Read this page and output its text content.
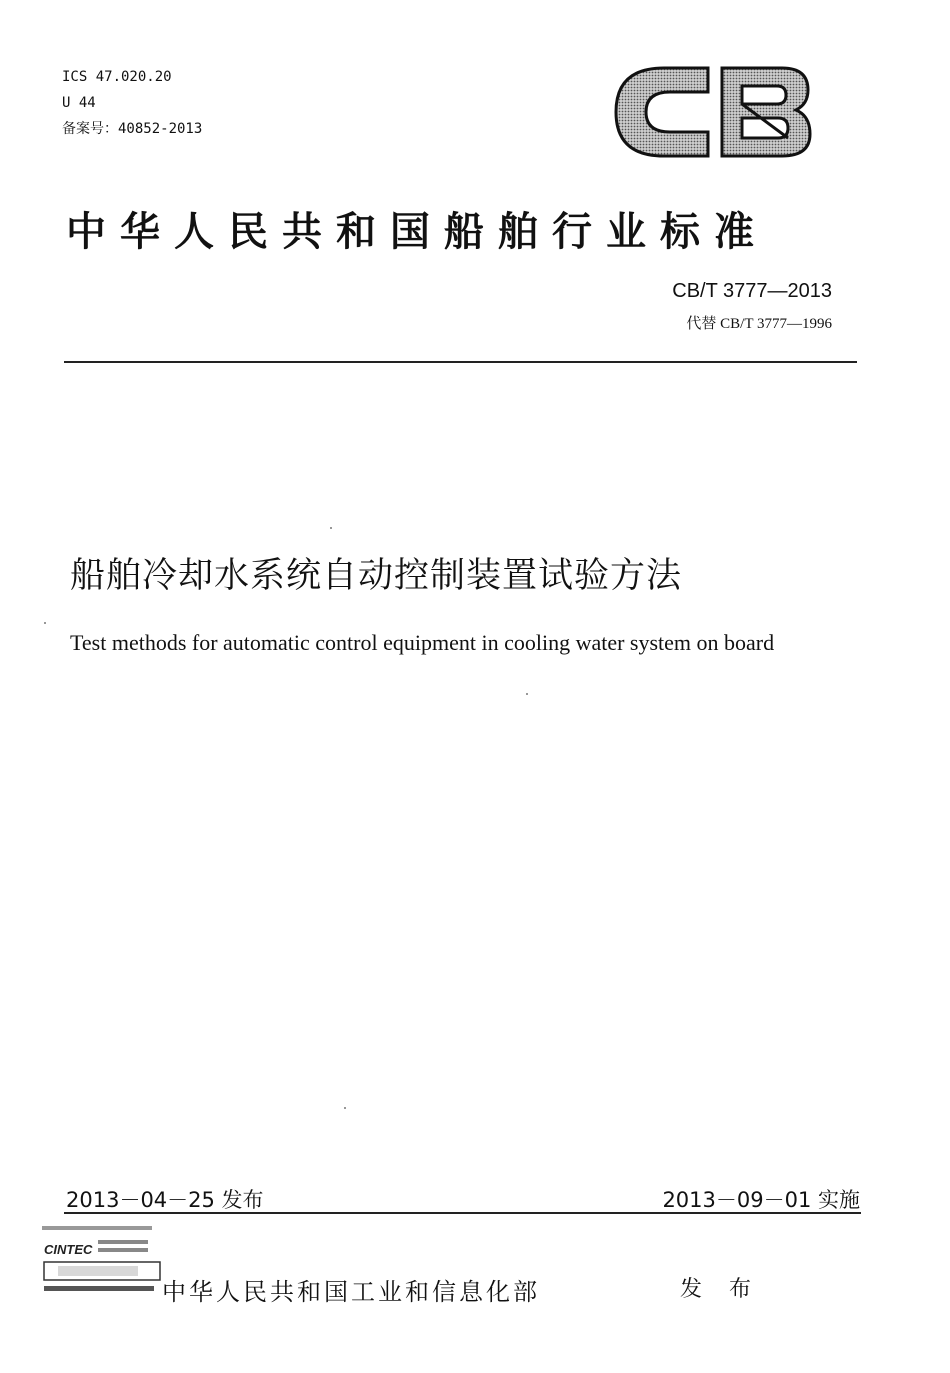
ICS 47.020.20
U 44
备案号：40852-2013
中华人民共和国船舶行业标准
CB/T 3777—2013
代替 CB/T 3777—1996
船舶冷却水系统自动控制装置试验方法
Test methods for automatic control equipment in cooling water system on board
2013－04－25 发布	2013－09－01 实施
CINTEC
中华人民共和国工业和信息化部	发 布
